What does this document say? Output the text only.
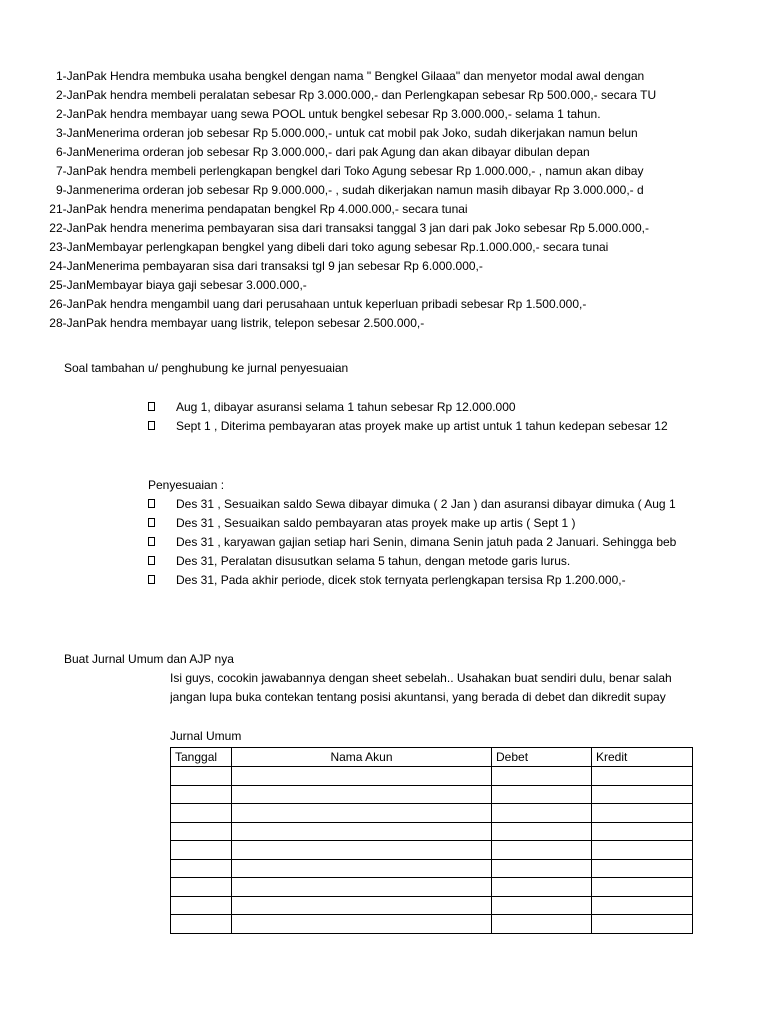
1-Jan Pak Hendra membuka usaha bengkel dengan nama " Bengkel Gilaaa" dan menyetor modal awal dengan
2-Jan Pak hendra membeli peralatan sebesar Rp 3.000.000,- dan Perlengkapan sebesar Rp 500.000,- secara TU
2-Jan Pak hendra membayar uang sewa POOL untuk bengkel sebesar Rp 3.000.000,- selama 1 tahun.
3-Jan Menerima orderan job sebesar Rp 5.000.000,- untuk cat mobil pak Joko, sudah dikerjakan namun belun
6-Jan Menerima orderan job sebesar Rp 3.000.000,- dari pak Agung dan akan dibayar dibulan depan
7-Jan Pak hendra membeli perlengkapan bengkel dari Toko Agung sebesar Rp 1.000.000,- , namun akan dibay
9-Jan menerima orderan job sebesar Rp 9.000.000,- , sudah dikerjakan namun masih dibayar Rp 3.000.000,- d
21-Jan Pak hendra menerima pendapatan bengkel Rp 4.000.000,- secara tunai
22-Jan Pak hendra menerima pembayaran sisa dari transaksi tanggal 3 jan dari pak Joko sebesar Rp 5.000.000,-
23-Jan Membayar perlengkapan bengkel yang dibeli dari toko agung sebesar Rp.1.000.000,- secara tunai
24-Jan Menerima pembayaran sisa dari transaksi tgl 9 jan sebesar Rp 6.000.000,-
25-Jan Membayar biaya gaji sebesar 3.000.000,-
26-Jan Pak hendra mengambil uang dari perusahaan untuk keperluan pribadi sebesar Rp 1.500.000,-
28-Jan Pak hendra membayar uang listrik, telepon sebesar 2.500.000,-
Soal tambahan u/ penghubung ke jurnal penyesuaian
Aug 1, dibayar asuransi selama 1 tahun sebesar Rp 12.000.000
Sept 1 , Diterima pembayaran atas proyek make up artist untuk 1 tahun kedepan sebesar 12
Penyesuaian :
Des 31 , Sesuaikan saldo Sewa dibayar dimuka ( 2 Jan ) dan asuransi dibayar dimuka ( Aug 1
Des 31 , Sesuaikan saldo pembayaran atas proyek make up artis ( Sept 1 )
Des 31 , karyawan gajian setiap hari Senin, dimana Senin jatuh pada 2 Januari. Sehingga beb
Des 31, Peralatan disusutkan selama 5 tahun, dengan metode garis lurus.
Des 31, Pada akhir periode, dicek stok ternyata perlengkapan tersisa Rp 1.200.000,-
Buat Jurnal Umum dan AJP nya
Isi guys, cocokin jawabannya dengan sheet sebelah.. Usahakan buat sendiri dulu, benar salah
jangan lupa buka contekan tentang posisi akuntansi, yang berada di debet dan dikredit supay
Jurnal Umum
Tanggal	Nama Akun	Debet	Kredit
